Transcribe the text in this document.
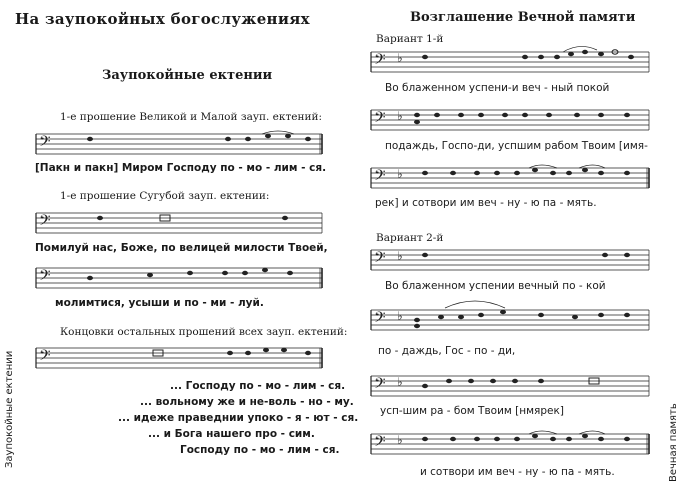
На заупокойных богослужениях
Заупокойные ектении
1-е прошение Великой и Малой зауп. ектений:
𝄢
[Пакн и пакн] Миром Господу по - мо - лим - ся.
1-е прошение Сугубой зауп. ектении:
𝄢
Помилуй нас, Боже, по велицей милости Твоей,
𝄢
молимтися, усыши и по - ми - луй.
Концовки остальных прошений всех зауп. ектений:
𝄢
... Господу по - мо - лим - ся.
... вольному же и не-воль - но - му.
... идеже праведнии упоко - я - ют - ся.
... и Бога нашего про - сим.
Господу по - мо - лим - ся.
Заупокойные ектении
Возглашение Вечной памяти
Вариант 1-й
𝄢 ♭
Во блаженном успени-и веч - ный покой
𝄢 ♭
подаждь, Госпо-ди, успшим рабом Твоим [имя-
𝄢 ♭
рек] и сотвори им веч - ну - ю па - мять.
Вариант 2-й
𝄢 ♭
Во блаженном успении вечный по - кой
𝄢 ♭
по - даждь, Гос - по - ди,
𝄢 ♭
усп-шим ра - бом Твоим [нмярек]
𝄢 ♭
и сотвори им веч - ну - ю па - мять.	Вечная память
